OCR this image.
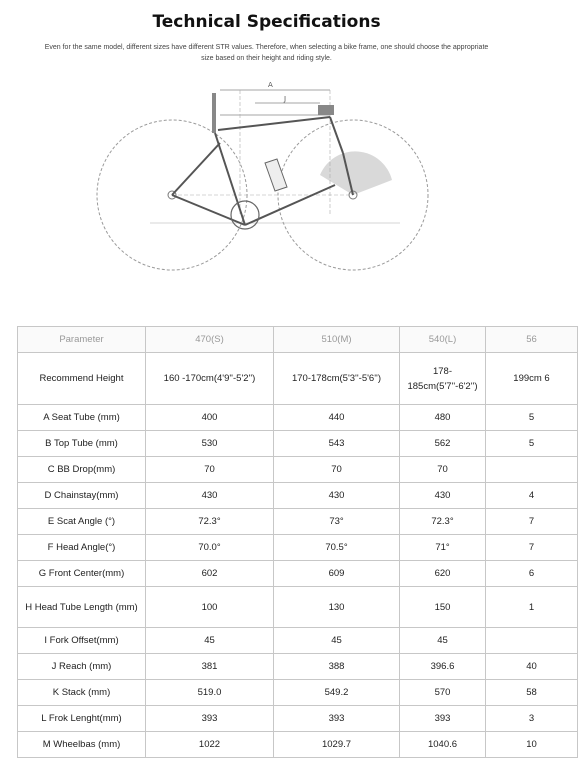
Technical Specifications
Even for the same model, different sizes have different STR values. Therefore, when selecting a bike frame, one should choose the appropriate size based on their height and riding style.
A
J
Parameter	470(S)	510(M)	540(L)	56
Recommend Height	160 -170cm(4'9''-5'2'')	170-178cm(5'3''-5'6'')	178-185cm(5'7''-6'2'')	199cm 6
A Seat Tube (mm)	400	440	480	5
B Top Tube (mm)	530	543	562	5
C BB Drop(mm)	70	70	70	
D Chainstay(mm)	430	430	430	4
E Scat Angle (°)	72.3°	73°	72.3°	7
F Head Angle(°)	70.0°	70.5°	71°	7
G Front Center(mm)	602	609	620	6
H Head Tube Length (mm)	100	130	150	1
I Fork Offset(mm)	45	45	45	
J Reach (mm)	381	388	396.6	40
K Stack (mm)	519.0	549.2	570	58
L Frok Lenght(mm)	393	393	393	3
M Wheelbas (mm)	1022	1029.7	1040.6	10
